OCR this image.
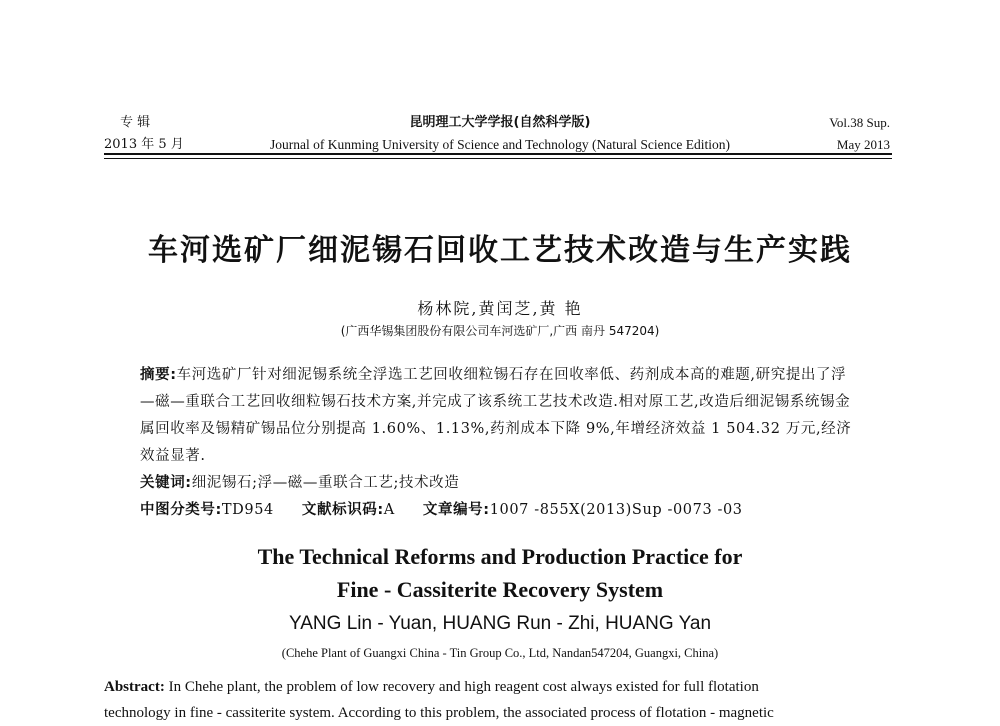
专 辑
2013 年 5 月
昆明理工大学学报(自然科学版)
Journal of Kunming University of Science and Technology (Natural Science Edition)
Vol.38 Sup.
May 2013
车河选矿厂细泥锡石回收工艺技术改造与生产实践
杨林院,黄闰芝,黄 艳
(广西华锡集团股份有限公司车河选矿厂,广西 南丹 547204)

摘要:车河选矿厂针对细泥锡系统全浮选工艺回收细粒锡石存在回收率低、药剂成本高的难题,研究提出了浮—磁—重联合工艺回收细粒锡石技术方案,并完成了该系统工艺技术改造.相对原工艺,改造后细泥锡系统锡金属回收率及锡精矿锡品位分别提高 1.60%、1.13%,药剂成本下降 9%,年增经济效益 1 504.32 万元,经济效益显著.

关键词:细泥锡石;浮—磁—重联合工艺;技术改造

中图分类号:TD954 文献标识码:A 文章编号:1007 -855X(2013)Sup -0073 -03

The Technical Reforms and Production Practice for
Fine - Cassiterite Recovery System
YANG Lin - Yuan, HUANG Run - Zhi, HUANG Yan
(Chehe Plant of Guangxi China - Tin Group Co., Ltd, Nandan547204, Guangxi, China)

Abstract: In Chehe plant, the problem of low recovery and high reagent cost always existed for full flotation

technology in fine - cassiterite system. According to this problem, the associated process of flotation - magnetic
